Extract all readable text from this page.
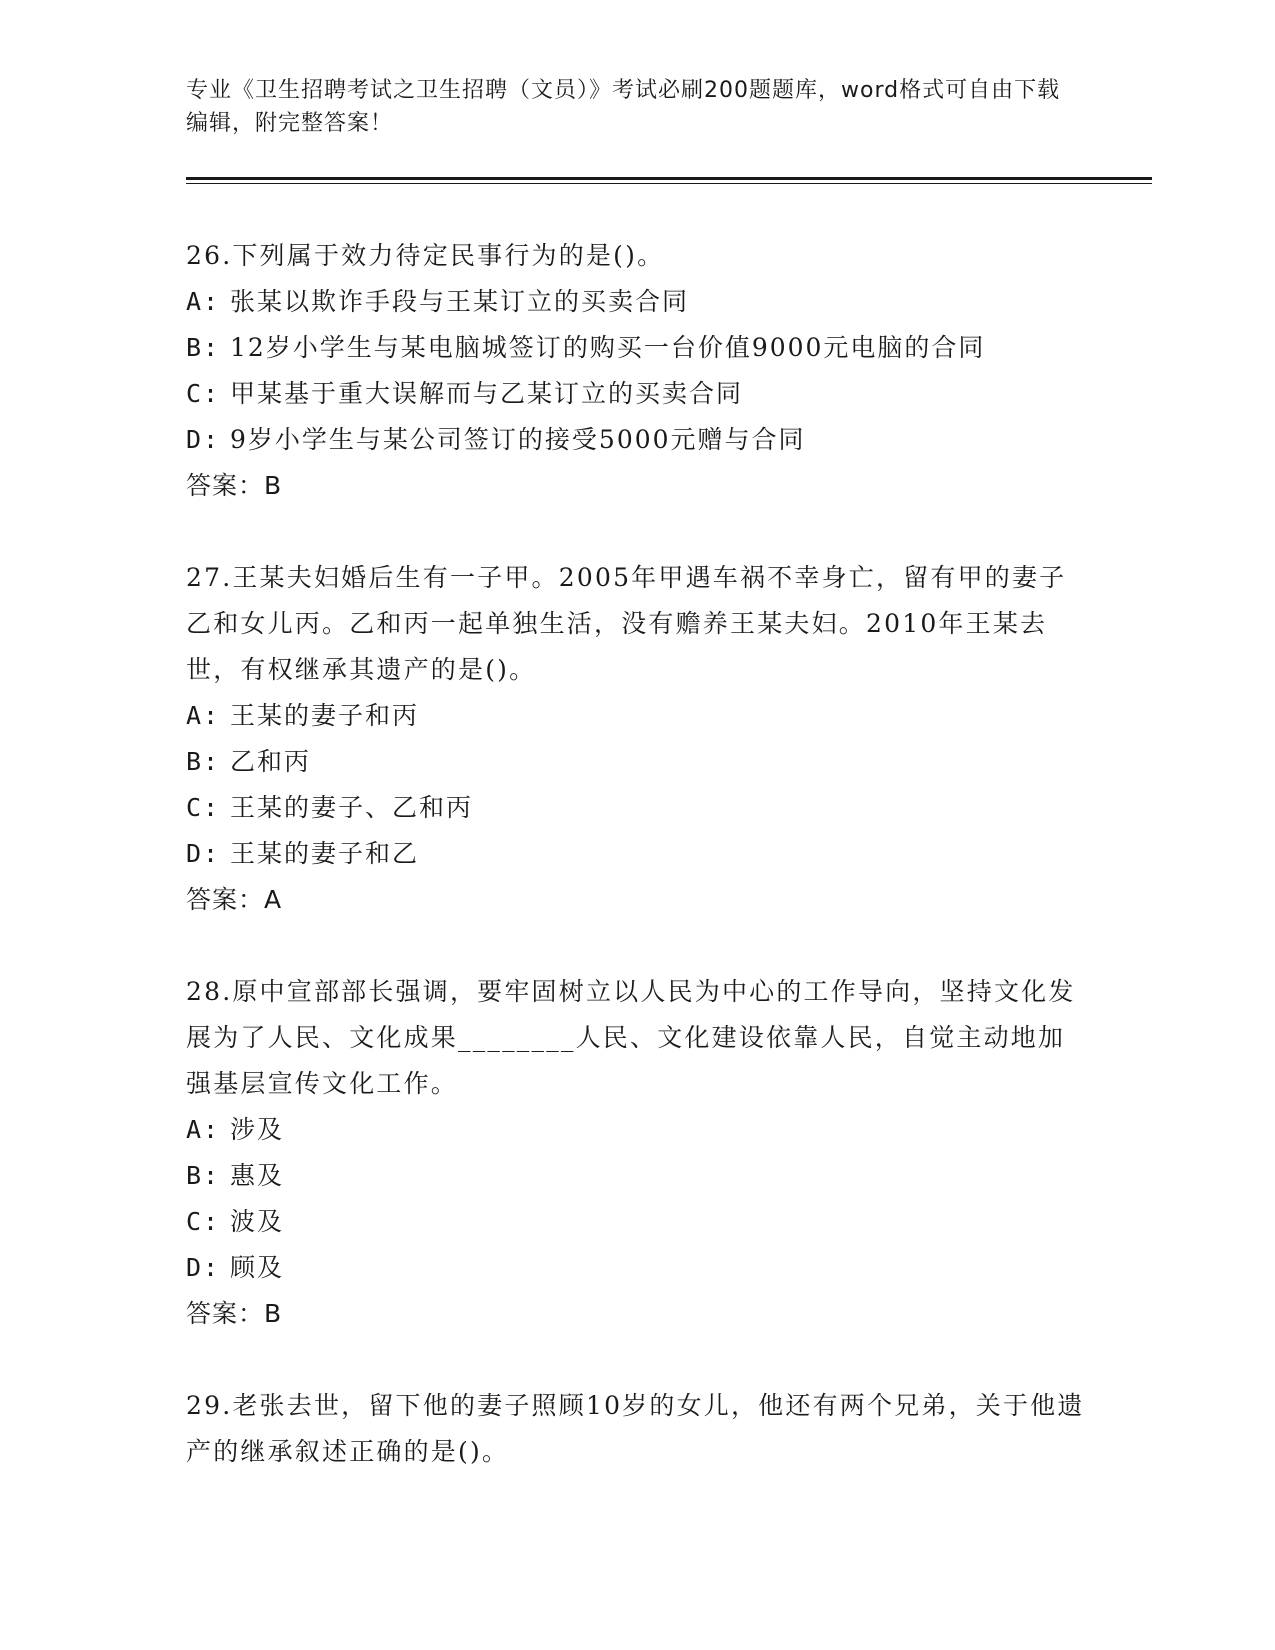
专业《卫生招聘考试之卫生招聘（文员）》考试必刷200题题库，word格式可自由下载编辑，附完整答案！
26.下列属于效力待定民事行为的是()。
A: 张某以欺诈手段与王某订立的买卖合同
B: 12岁小学生与某电脑城签订的购买一台价值9000元电脑的合同
C: 甲某基于重大误解而与乙某订立的买卖合同
D: 9岁小学生与某公司签订的接受5000元赠与合同
答案：B
27.王某夫妇婚后生有一子甲。2005年甲遇车祸不幸身亡，留有甲的妻子乙和女儿丙。乙和丙一起单独生活，没有赡养王某夫妇。2010年王某去世，有权继承其遗产的是()。
A: 王某的妻子和丙
B: 乙和丙
C: 王某的妻子、乙和丙
D: 王某的妻子和乙
答案：A
28.原中宣部部长强调，要牢固树立以人民为中心的工作导向，坚持文化发展为了人民、文化成果________人民、文化建设依靠人民，自觉主动地加强基层宣传文化工作。
A: 涉及
B: 惠及
C: 波及
D: 顾及
答案：B
29.老张去世，留下他的妻子照顾10岁的女儿，他还有两个兄弟，关于他遗产的继承叙述正确的是()。
